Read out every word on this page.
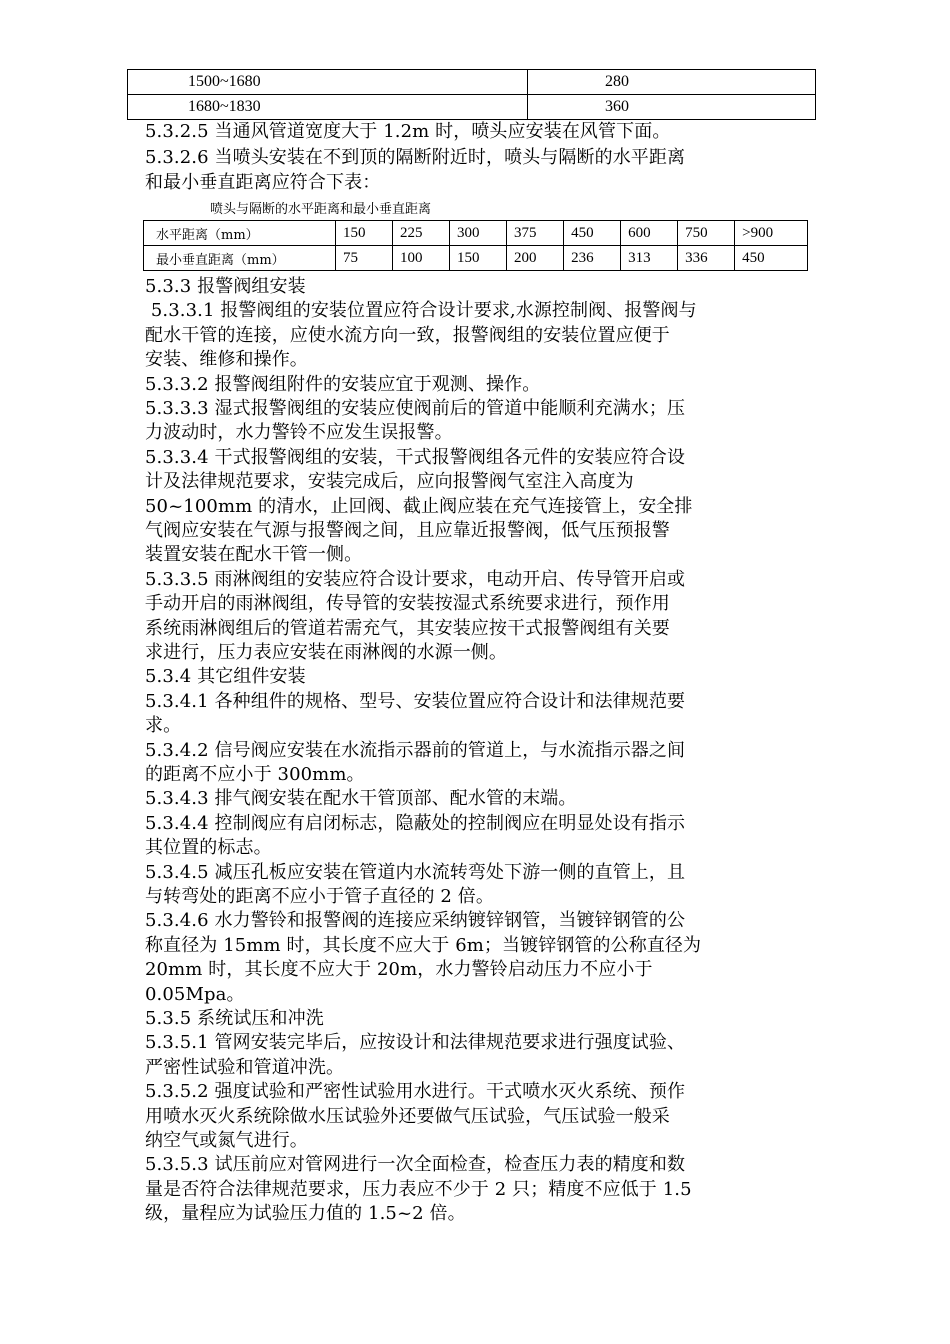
1500~1680	280
1680~1830	360
5.3.2.5 当通风管道宽度大于 1.2m 时，喷头应安装在风管下面。
5.3.2.6 当喷头安装在不到顶的隔断附近时，喷头与隔断的水平距离
和最小垂直距离应符合下表：
喷头与隔断的水平距离和最小垂直距离
水平距离（mm）	150	225	300	375	450	600	750	>900
最小垂直距离（mm）	75	100	150	200	236	313	336	450
5.3.3 报警阀组安装
5.3.3.1 报警阀组的安装位置应符合设计要求,水源控制阀、报警阀与
配水干管的连接，应使水流方向一致，报警阀组的安装位置应便于
安装、维修和操作。
5.3.3.2 报警阀组附件的安装应宜于观测、操作。
5.3.3.3 湿式报警阀组的安装应使阀前后的管道中能顺利充满水；压
力波动时，水力警铃不应发生误报警。
5.3.3.4 干式报警阀组的安装，干式报警阀组各元件的安装应符合设
计及法律规范要求，安装完成后，应向报警阀气室注入高度为
50~100mm 的清水，止回阀、截止阀应装在充气连接管上，安全排
气阀应安装在气源与报警阀之间，且应靠近报警阀，低气压预报警
装置安装在配水干管一侧。
5.3.3.5 雨淋阀组的安装应符合设计要求，电动开启、传导管开启或
手动开启的雨淋阀组，传导管的安装按湿式系统要求进行，预作用
系统雨淋阀组后的管道若需充气，其安装应按干式报警阀组有关要
求进行，压力表应安装在雨淋阀的水源一侧。
5.3.4 其它组件安装
5.3.4.1 各种组件的规格、型号、安装位置应符合设计和法律规范要
求。
5.3.4.2 信号阀应安装在水流指示器前的管道上，与水流指示器之间
的距离不应小于 300mm。
5.3.4.3 排气阀安装在配水干管顶部、配水管的末端。
5.3.4.4 控制阀应有启闭标志，隐蔽处的控制阀应在明显处设有指示
其位置的标志。
5.3.4.5 减压孔板应安装在管道内水流转弯处下游一侧的直管上，且
与转弯处的距离不应小于管子直径的 2 倍。
5.3.4.6 水力警铃和报警阀的连接应采纳镀锌钢管，当镀锌钢管的公
称直径为 15mm 时，其长度不应大于 6m；当镀锌钢管的公称直径为
20mm 时，其长度不应大于 20m，水力警铃启动压力不应小于
0.05Mpa。
5.3.5 系统试压和冲洗
5.3.5.1 管网安装完毕后，应按设计和法律规范要求进行强度试验、
严密性试验和管道冲洗。
5.3.5.2 强度试验和严密性试验用水进行。干式喷水灭火系统、预作
用喷水灭火系统除做水压试验外还要做气压试验，气压试验一般采
纳空气或氮气进行。
5.3.5.3 试压前应对管网进行一次全面检查，检查压力表的精度和数
量是否符合法律规范要求，压力表应不少于 2 只；精度不应低于 1.5
级，量程应为试验压力值的 1.5~2 倍。
